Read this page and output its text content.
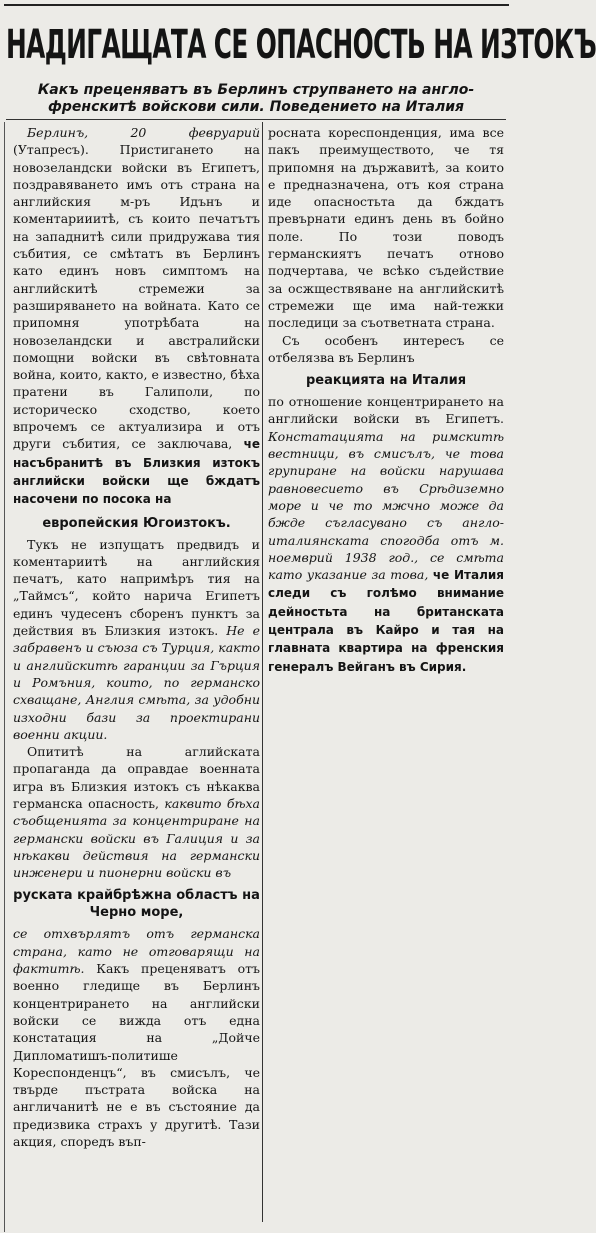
НАДИГАЩАТА СЕ ОПАСНОСТЬ НА ИЗТОКЪ
Какъ преценяватъ въ Берлинъ струпването на англо-френскитѣ войскови сили. Поведението на Италия

Берлинъ, 20 февруарий (Утапресъ). Пристигането на новозеландски войски въ Египетъ, поздравяването имъ отъ страна на английския м-ръ Идънъ и коментарииитѣ, съ които печатътъ на западнитѣ сили придружава тия събития, се смѣтатъ въ Берлинъ като единъ новъ симптомъ на английскитѣ стремежи за разширяването на войната. Като се припомня употрѣбата на новозеландски и австралийски помощни войски въ свѣтовната война, които, както, е известно, бѣха пратени въ Галиполи, по историческо сходство, което впрочемъ се актуализира и отъ други събития, се заключава, че насъбранитѣ въ Близкия изтокъ английски войски ще бждатъ насочени по посока на

европейския Югоизтокъ.

Тукъ не изпущатъ предвидъ и коментариитѣ на английския печатъ, като напримѣръ тия на „Таймсъ“, който нарича Египетъ единъ чудесенъ сборенъ пунктъ за действия въ Близкия изтокъ. Не е забравенъ и съюза съ Турция, както и английскитѣ гаранции за Гърция и Ромъния, които, по германско схващане, Англия смѣта, за удобни изходни бази за проектирани военни акции.

Опититѣ на аглийската пропаганда да оправдае военната игра въ Близкия изтокъ съ нѣкаква германска опасность, каквито бѣха съобщенията за концентриране на германски войски въ Галиция и за нѣкакви действия на германски инженери и пионерни войски въ

руската крайбрѣжна областъ на Черно море,

се отхвърлятъ отъ германска страна, като не отговарящи на фактитѣ. Какъ преценяватъ отъ военно гледище въ Берлинъ концентрирането на английски войски се вижда отъ една констатация на „Дойче Дипломатишъ-политише Кореспонденцъ“, въ смисълъ, че твърде пъстрата войска на англичанитѣ не е въ състояние да предизвика страхъ у другитѣ. Тази акция, споредъ въп-

росната кореспонденция, има все пакъ преимуществото, че тя припомня на държавитѣ, за които е предназначена, отъ коя страна иде опасностьта да бждатъ превърнати единъ день въ бойно поле. По този поводъ германскиятъ печатъ отново подчертава, че всѣко съдействие за осжществяване на английскитѣ стремежи ще има най-тежки последици за съответната страна.

Съ особенъ интересъ се отбелязва въ Берлинъ

реакцията на Италия

по отношение концентрирането на английски войски въ Египетъ. Констатацията на римскитѣ вестници, въ смисълъ, че това групиране на войски нарушава равновесието въ Срѣдиземно море и че то мжчно може да бжде съгласувано съ англо-италиянската спогодба отъ м. ноемврий 1938 год., се смѣта като указание за това, че Италия следи съ голѣмо внимание дейностьта на британската централа въ Кайро и тая на главната квартира на френския генералъ Вейганъ въ Сирия.
